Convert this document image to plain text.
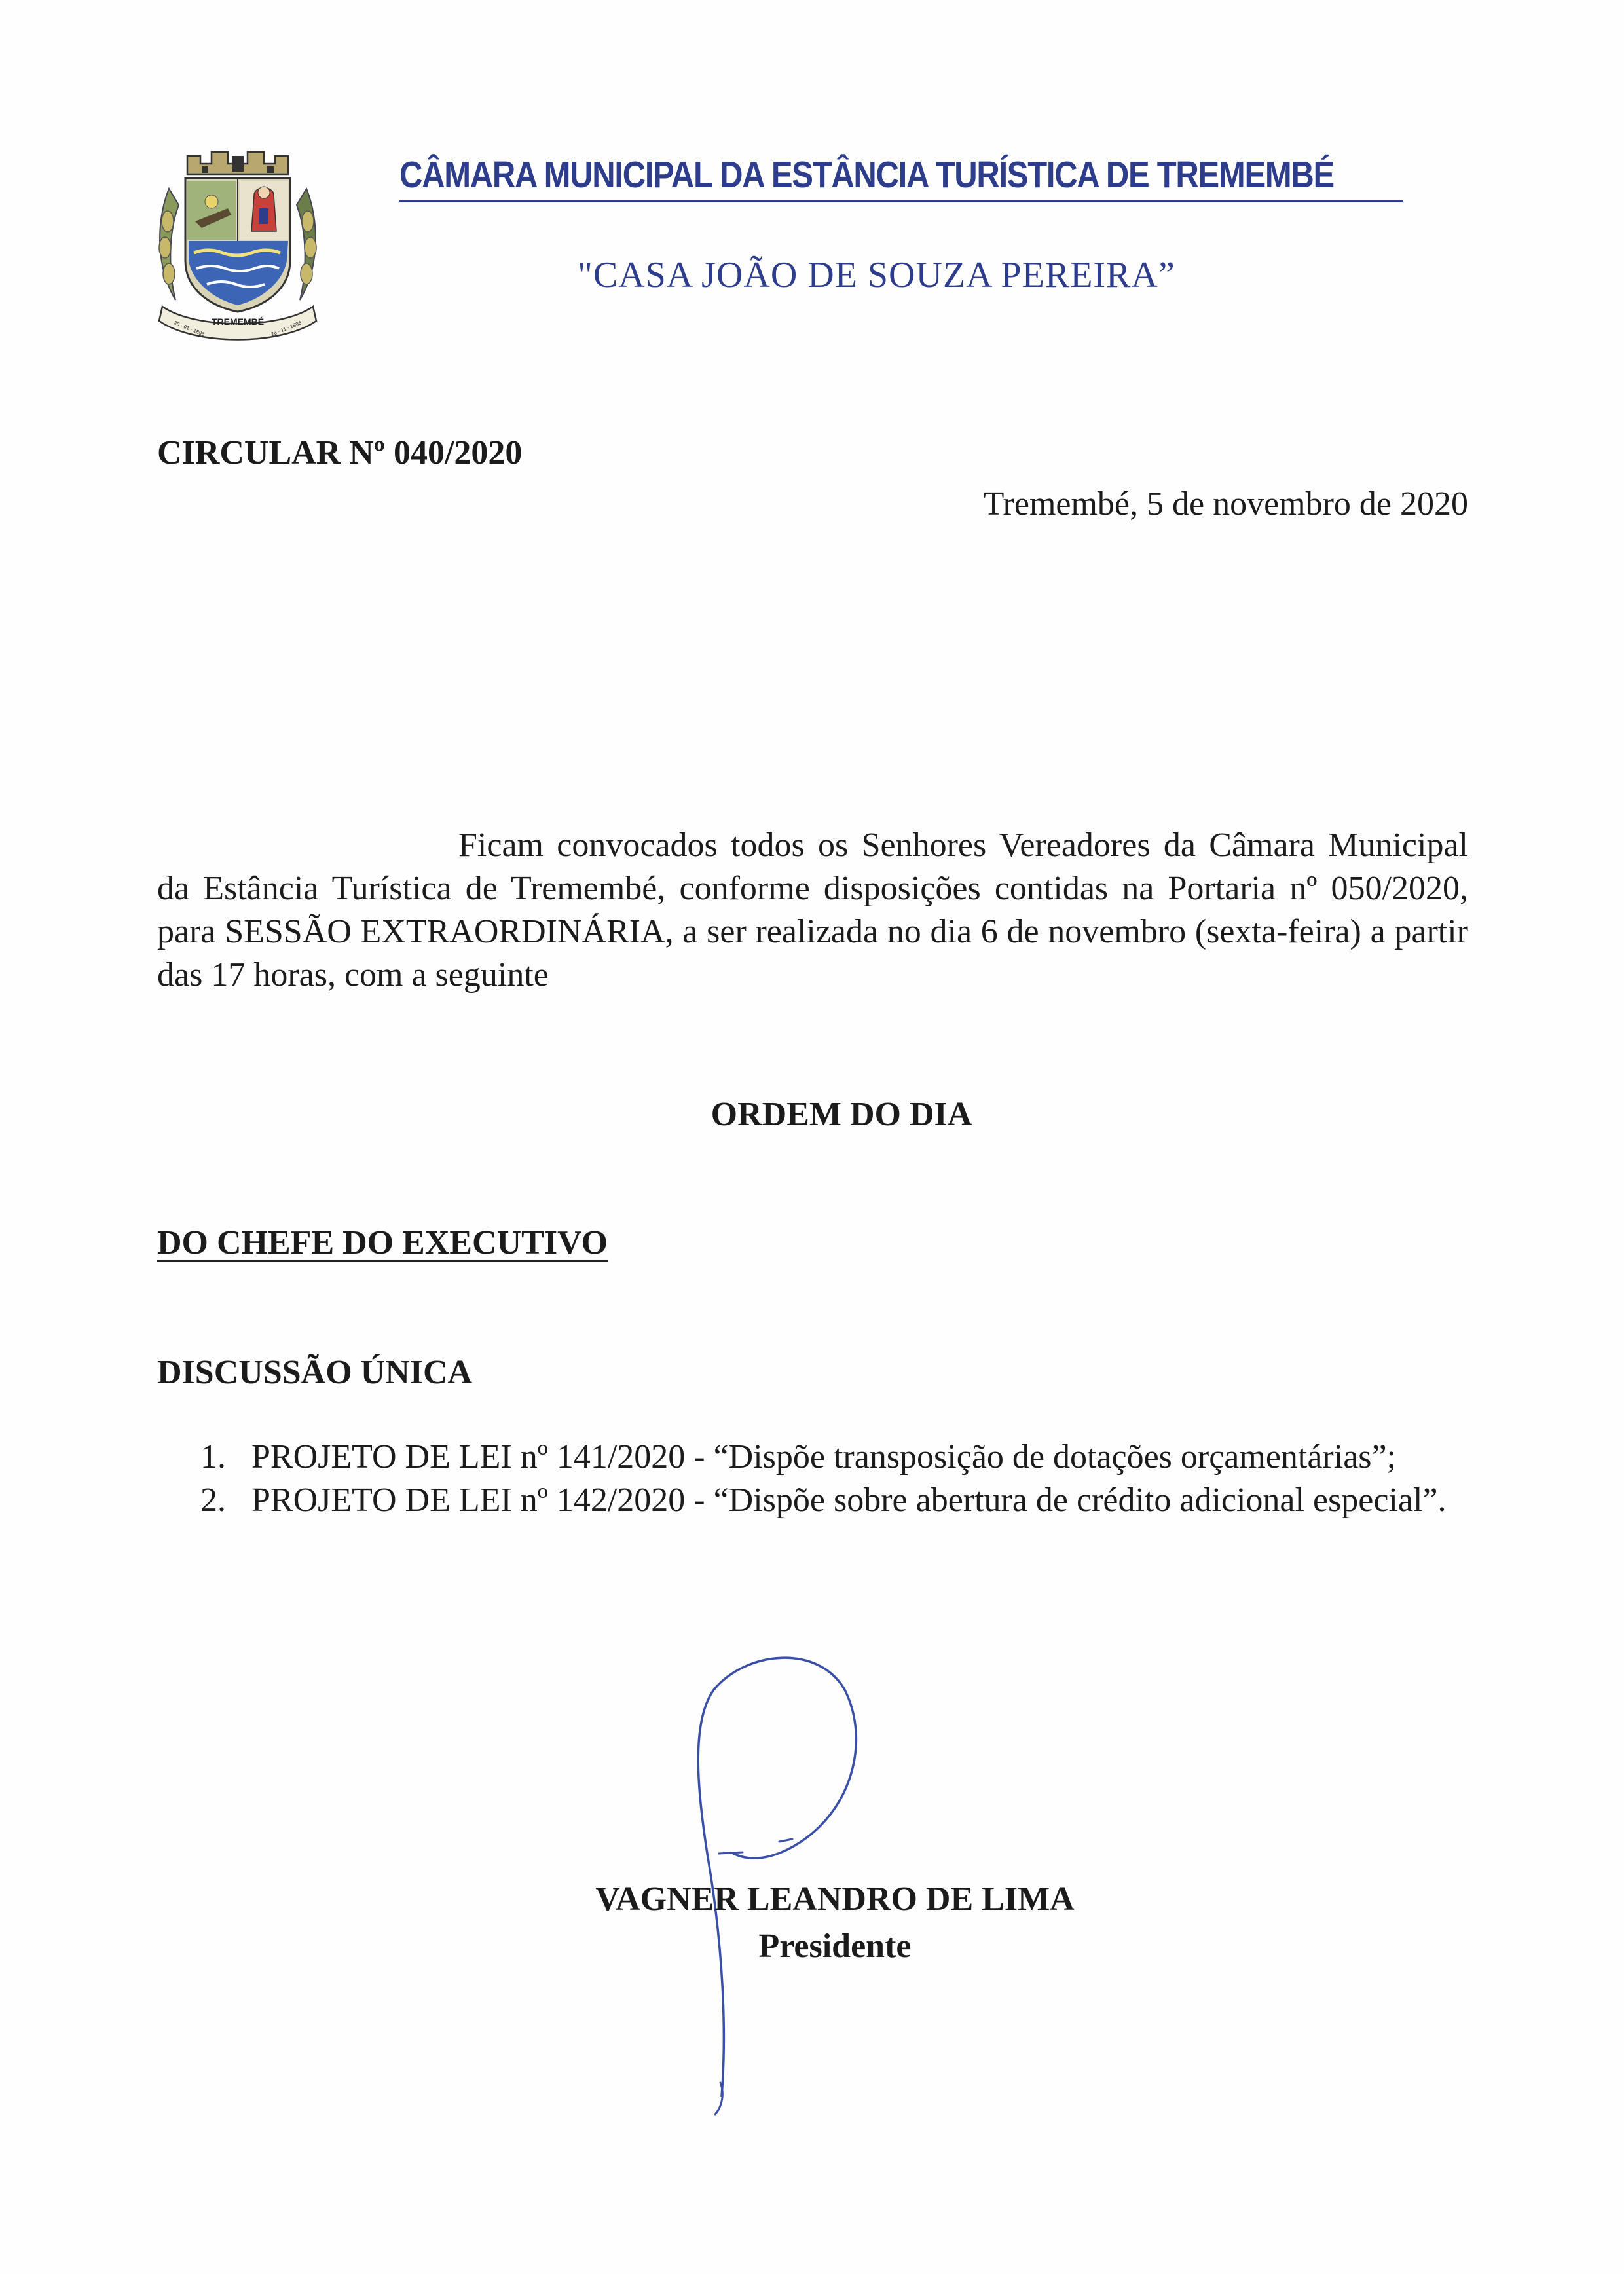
TREMEMBÉ
20 · 01 · 1896	26 · 11 · 1896
CÂMARA MUNICIPAL DA ESTÂNCIA TURÍSTICA DE TREMEMBÉ
"CASA JOÃO DE SOUZA PEREIRA”
CIRCULAR Nº 040/2020
Tremembé, 5 de novembro de 2020

Ficam convocados todos os Senhores Vereadores da Câmara Municipal da Estância Turística de Tremembé, conforme disposições contidas na Portaria nº 050/2020, para SESSÃO EXTRAORDINÁRIA, a ser realizada no dia 6 de novembro (sexta-feira) a partir das 17 horas, com a seguinte

ORDEM DO DIA
DO CHEFE DO EXECUTIVO
DISCUSSÃO ÚNICA
1. PROJETO DE LEI nº 141/2020 - “Dispõe transposição de dotações orçamentárias”;
2. PROJETO DE LEI nº 142/2020 - “Dispõe sobre abertura de crédito adicional especial”.
VAGNER LEANDRO DE LIMA
Presidente
